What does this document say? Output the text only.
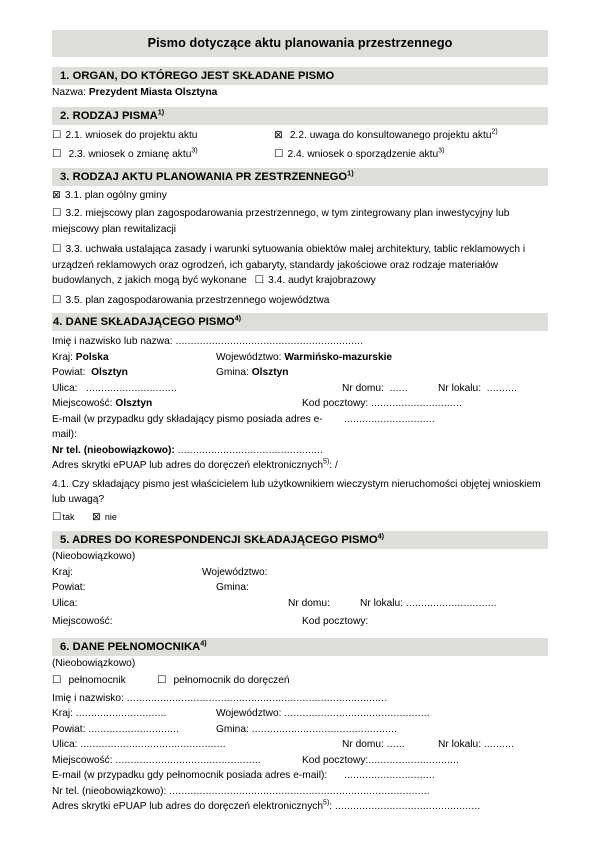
Pismo dotyczące aktu planowania przestrzennego
1. ORGAN, DO KTÓREGO JEST SKŁADANE PISMO
Nazwa: Prezydent Miasta Olsztyna
2. RODZAJ PISMA$^{1)}$
☐ 2.1. wniosek do projektu aktu	⊠ 2.2. uwaga do konsultowanego projektu aktu$^{2)}$
☐ 2.3. wniosek o zmianę aktu$^{3)}$	☐ 2.4. wniosek o sporządzenie aktu$^{3)}$
3. RODZAJ AKTU PLANOWANIA PR ZESTRZENNEGO$^{1)}$
⊠ 3.1. plan ogólny gminy
☐ 3.2. miejscowy plan zagospodarowania przestrzennego, w tym zintegrowany plan inwestycyjny lub miejscowy plan rewitalizacji
☐ 3.3. uchwała ustalająca zasady i warunki sytuowania obiektów małej architektury, tablic reklamowych i urządzeń reklamowych oraz ogrodzeń, ich gabaryty, standardy jakościowe oraz rodzaje materiałów budowlanych, z jakich mogą być wykonane ☐ 3.4. audyt krajobrazowy
☐ 3.5. plan zagospodarowania przestrzennego województwa
4. DANE SKŁADAJĄCEGO PISMO$^{4)}$
Imię i nazwisko lub nazwa: ..............................................................
Kraj: Polska	Województwo: Warmińsko-mazurskie
Powiat: Olsztyn	Gmina: Olsztyn
Ulica: ..............................	Nr domu: ......	Nr lokalu: ..........
Miejscowość: Olsztyn	Kod pocztowy: ..............................
E-mail (w przypadku gdy składający pismo posiada adres e-mail):
..............................
Nr tel. (nieobowiązkowo): ................................................
Adres skrytki ePUAP lub adres do doręczeń elektronicznych$^{5)}$: /
4.1. Czy składający pismo jest właścicielem lub użytkownikiem wieczystym nieruchomości objętej wnioskiem lub uwagą?
☐tak	⊠ nie
5. ADRES DO KORESPONDENCJI SKŁADAJĄCEGO PISMO$^{4)}$
(Nieobowiązkowo)
Kraj:	Województwo:
Powiat:	Gmina:
Ulica:	Nr domu:	Nr lokalu: ..............................
Miejscowość:	Kod pocztowy:
6. DANE PEŁNOMOCNIKA$^{4)}$
(Nieobowiązkowo)
☐ pełnomocnik	☐ pełnomocnik do doręczeń
Imię i nazwisko: ......................................................................................
Kraj: ..............................	Województwo: ................................................
Powiat: ..............................	Gmina: ................................................
Ulica: ................................................	Nr domu: ......	Nr lokalu: ..........
Miejscowość: ................................................	Kod pocztowy:..............................
E-mail (w przypadku gdy pełnomocnik posiada adres e-mail):	..............................
Nr tel. (nieobowiązkowo): ......................................................................................
Adres skrytki ePUAP lub adres do doręczeń elektronicznych$^{5)}$: ................................................
